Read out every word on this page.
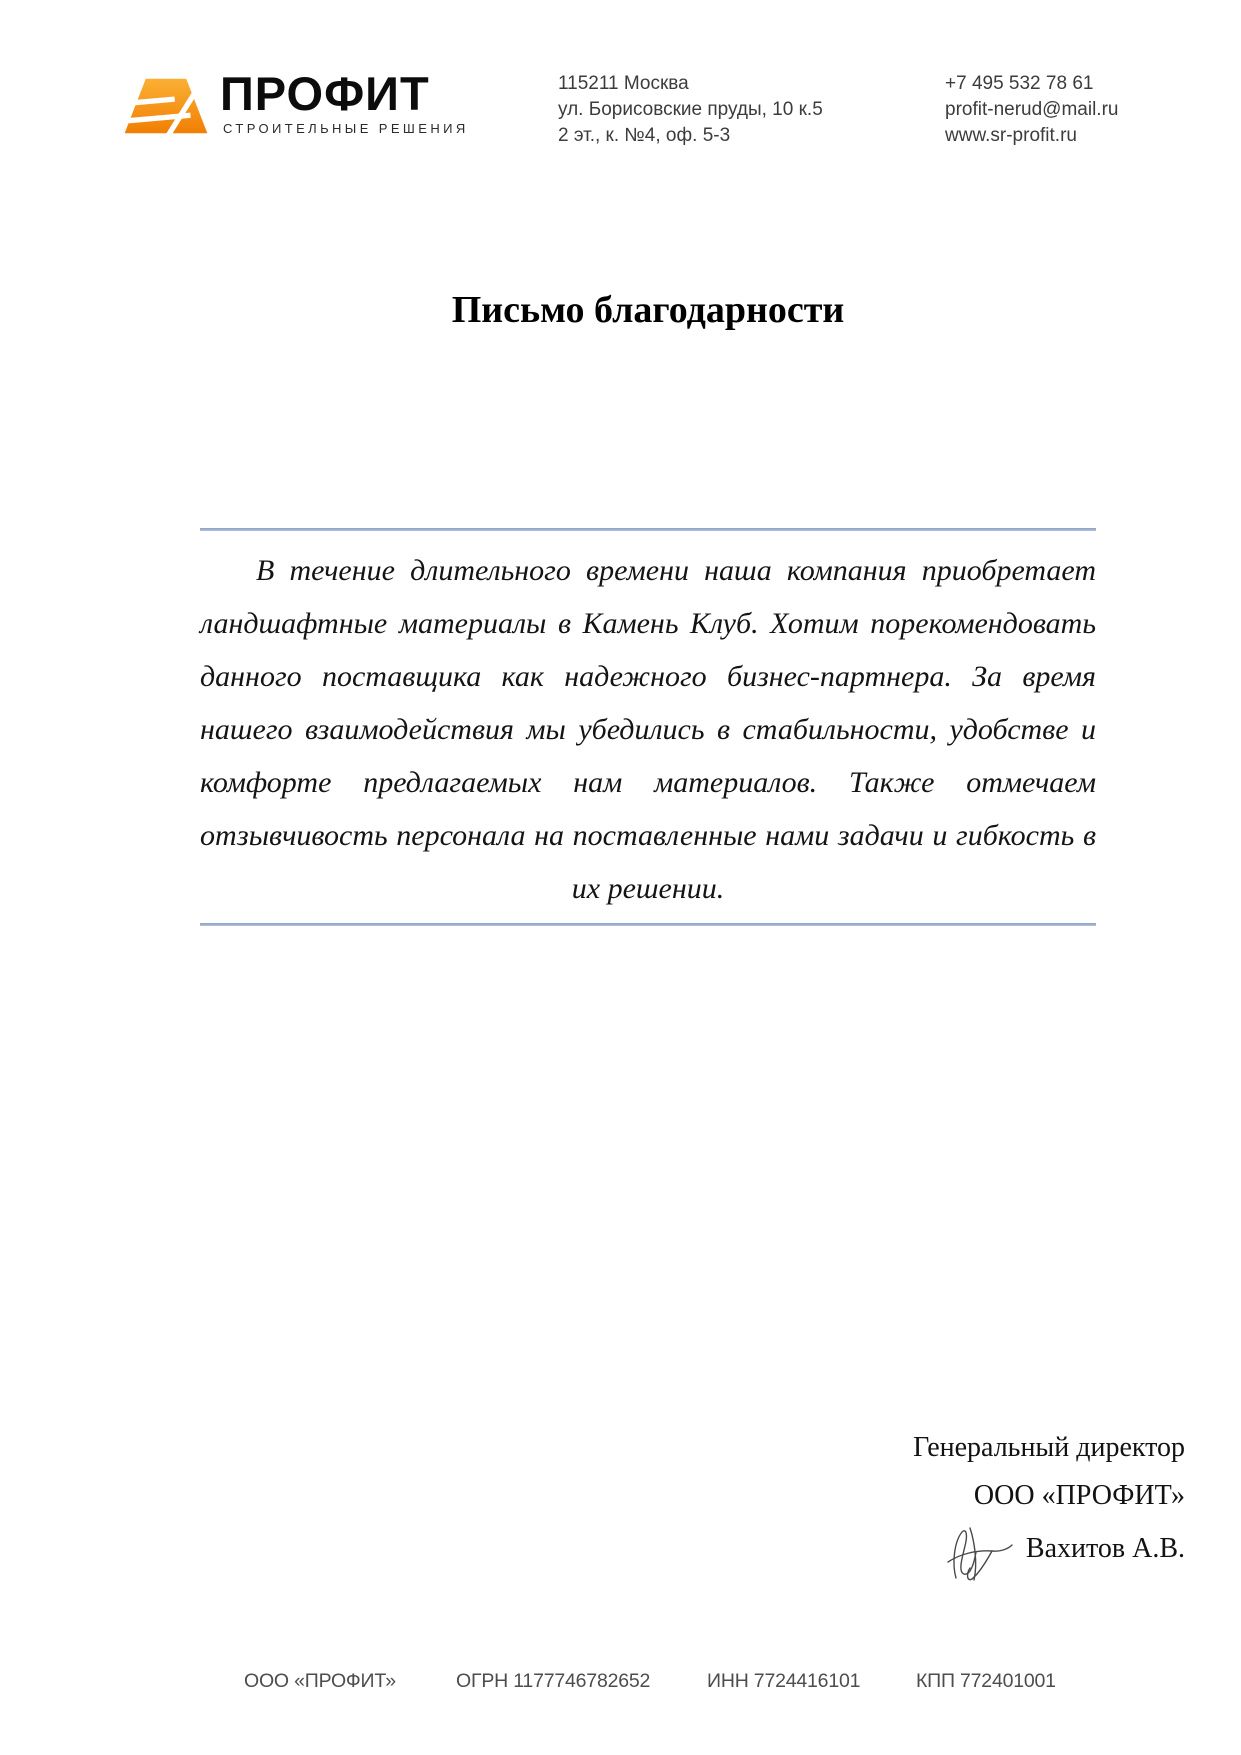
ПРОФИТ
СТРОИТЕЛЬНЫЕ РЕШЕНИЯ
115211 Москва
ул. Борисовские пруды, 10 к.5
2 эт., к. №4, оф. 5-3
+7 495 532 78 61
profit-nerud@mail.ru
www.sr-profit.ru
Письмо благодарности
В течение длительного времени наша компания приобретает
ландшафтные материалы в Камень Клуб. Хотим порекомендовать
данного поставщика как надежного бизнес-партнера. За время
нашего взаимодействия мы убедились в стабильности, удобстве и
комфорте предлагаемых нам материалов. Также отмечаем
отзывчивость персонала на поставленные нами задачи и гибкость в
их решении.
Генеральный директор
ООО «ПРОФИТ»
Вахитов А.В.
ООО «ПРОФИТ»	ОГРН 1177746782652	ИНН 7724416101	КПП 772401001
